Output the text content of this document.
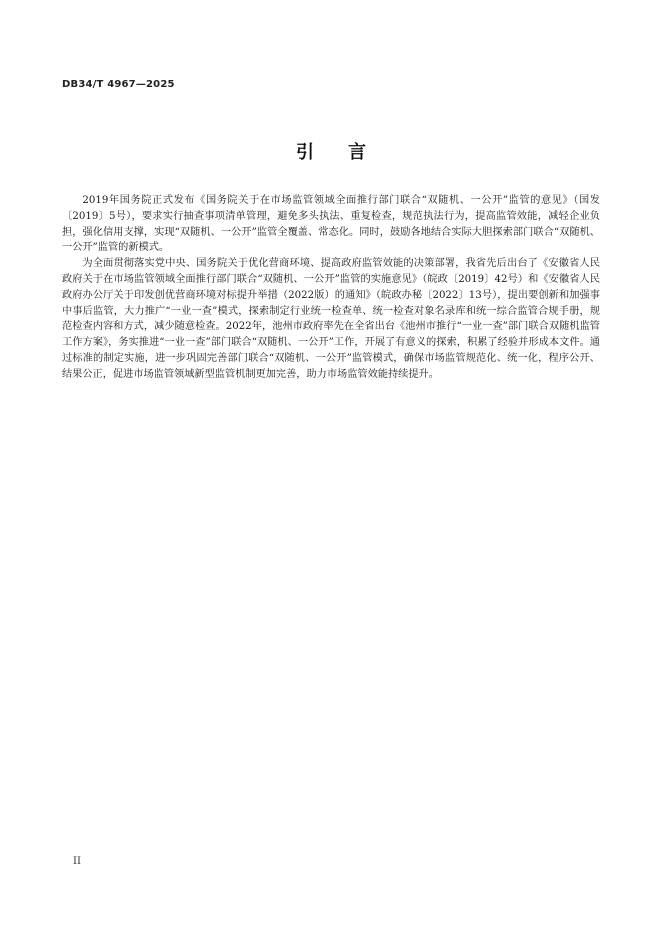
DB34/T 4967—2025
引言

2019年国务院正式发布《国务院关于在市场监管领域全面推行部门联合“双随机、一公开”监管的意见》（国发〔2019〕5号），要求实行抽查事项清单管理，避免多头执法、重复检查，规范执法行为，提高监管效能，减轻企业负担，强化信用支撑，实现“双随机、一公开”监管全覆盖、常态化。同时，鼓励各地结合实际大胆探索部门联合“双随机、一公开”监管的新模式。

为全面贯彻落实党中央、国务院关于优化营商环境、提高政府监管效能的决策部署，我省先后出台了《安徽省人民政府关于在市场监管领域全面推行部门联合“双随机、一公开”监管的实施意见》（皖政〔2019〕42号）和《安徽省人民政府办公厅关于印发创优营商环境对标提升举措（2022版）的通知》（皖政办秘〔2022〕13号），提出要创新和加强事中事后监管，大力推广“一业一查”模式，探索制定行业统一检查单、统一检查对象名录库和统一综合监管合规手册，规范检查内容和方式，减少随意检查。2022年，池州市政府率先在全省出台《池州市推行“一业一查”部门联合双随机监管工作方案》，务实推进“一业一查”部门联合“双随机、一公开”工作，开展了有意义的探索，积累了经验并形成本文件。通过标准的制定实施，进一步巩固完善部门联合“双随机、一公开”监管模式，确保市场监管规范化、统一化，程序公开、结果公正，促进市场监管领域新型监管机制更加完善，助力市场监管效能持续提升。

II
